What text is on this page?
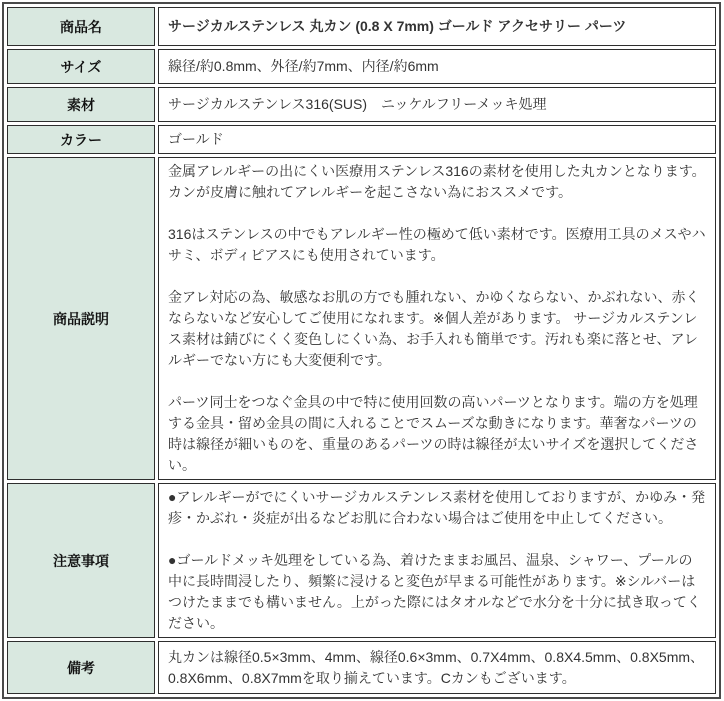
商品名	サージカルステンレス 丸カン (0.8 X 7mm) ゴールド アクセサリー パーツ
サイズ	線径/約0.8mm、外径/約7mm、内径/約6mm
素材	サージカルステンレス316(SUS)　ニッケルフリーメッキ処理
カラー	ゴールド
商品説明	金属アレルギーの出にくい医療用ステンレス316の素材を使用した丸カンとなります。カンが皮膚に触れてアレルギーを起こさない為におススメです。

316はステンレスの中でもアレルギー性の極めて低い素材です。医療用工具のメスやハサミ、ボディピアスにも使用されています。

金アレ対応の為、敏感なお肌の方でも腫れない、かゆくならない、かぶれない、赤くならないなど安心してご使用になれます。※個人差があります。 サージカルステンレス素材は錆びにくく変色しにくい為、お手入れも簡単です。汚れも楽に落とせ、アレルギーでない方にも大変便利です。

パーツ同士をつなぐ金具の中で特に使用回数の高いパーツとなります。端の方を処理する金具・留め金具の間に入れることでスムーズな動きになります。華奢なパーツの時は線径が細いものを、重量のあるパーツの時は線径が太いサイズを選択してください。

注意事項	●アレルギーがでにくいサージカルステンレス素材を使用しておりますが、かゆみ・発疹・かぶれ・炎症が出るなどお肌に合わない場合はご使用を中止してください。

●ゴールドメッキ処理をしている為、着けたままお風呂、温泉、シャワー、プールの中に長時間浸したり、頻繁に浸けると変色が早まる可能性があります。※シルバーはつけたままでも構いません。上がった際にはタオルなどで水分を十分に拭き取ってください。

備考	丸カンは線径0.5×3mm、4mm、線径0.6×3mm、0.7X4mm、0.8X4.5mm、0.8X5mm、0.8X6mm、0.8X7mmを取り揃えています。Cカンもございます。
